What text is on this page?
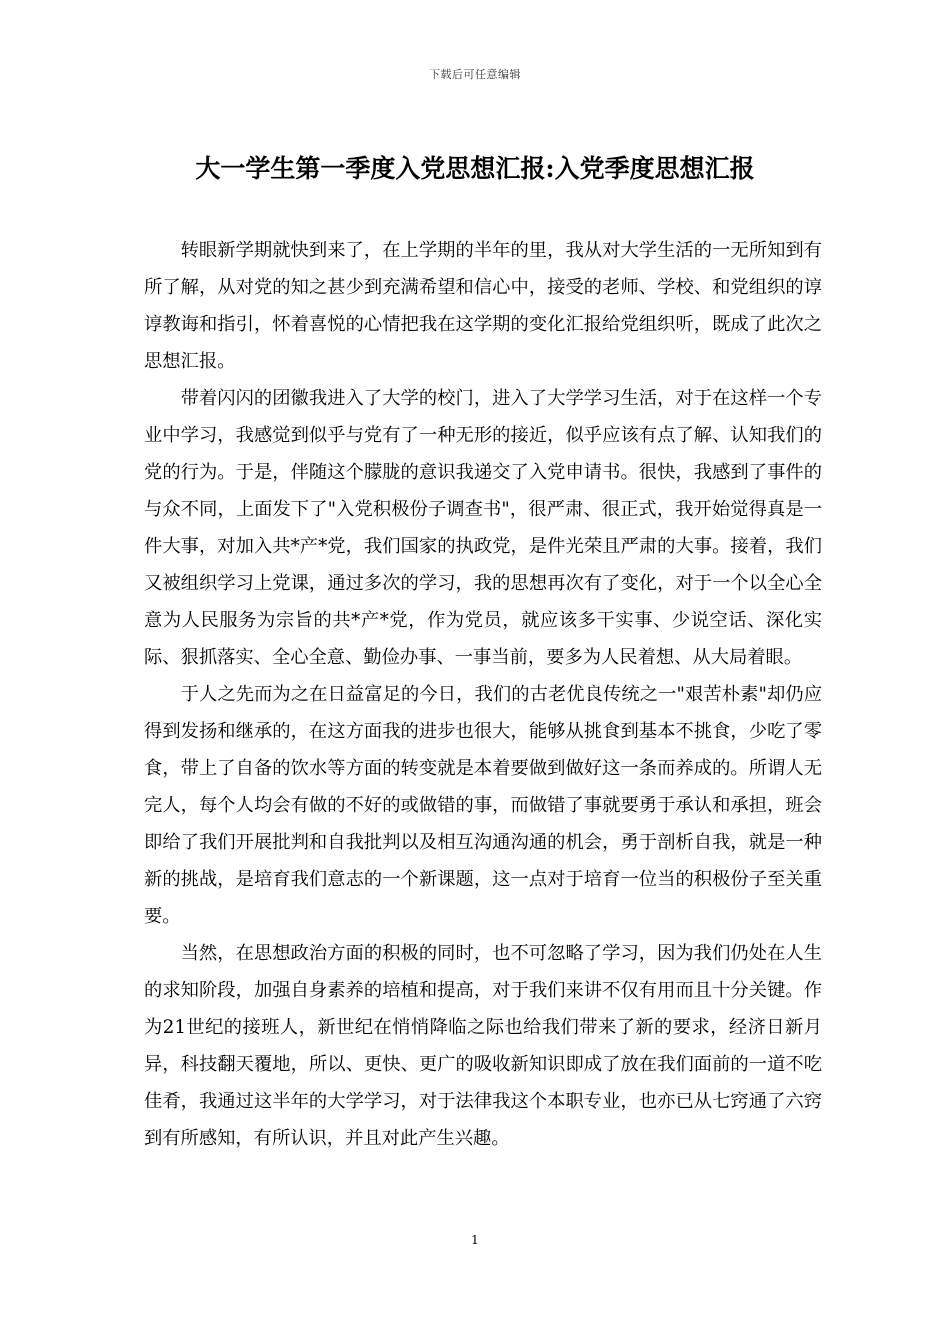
下载后可任意编辑
大一学生第一季度入党思想汇报:入党季度思想汇报

转眼新学期就快到来了，在上学期的半年的里，我从对大学生活的一无所知到有所了解，从对党的知之甚少到充满希望和信心中，接受的老师、学校、和党组织的谆谆教诲和指引，怀着喜悦的心情把我在这学期的变化汇报给党组织听，既成了此次之思想汇报。

带着闪闪的团徽我进入了大学的校门，进入了大学学习生活，对于在这样一个专业中学习，我感觉到似乎与党有了一种无形的接近，似乎应该有点了解、认知我们的党的行为。于是，伴随这个朦胧的意识我递交了入党申请书。很快，我感到了事件的与众不同，上面发下了"入党积极份子调查书"，很严肃、很正式，我开始觉得真是一件大事，对加入共*产*党，我们国家的执政党，是件光荣且严肃的大事。接着，我们又被组织学习上党课，通过多次的学习，我的思想再次有了变化，对于一个以全心全意为人民服务为宗旨的共*产*党，作为党员，就应该多干实事、少说空话、深化实际、狠抓落实、全心全意、勤俭办事、一事当前，要多为人民着想、从大局着眼。

于人之先而为之在日益富足的今日，我们的古老优良传统之一"艰苦朴素"却仍应得到发扬和继承的，在这方面我的进步也很大，能够从挑食到基本不挑食，少吃了零食，带上了自备的饮水等方面的转变就是本着要做到做好这一条而养成的。所谓人无完人，每个人均会有做的不好的或做错的事，而做错了事就要勇于承认和承担，班会即给了我们开展批判和自我批判以及相互沟通沟通的机会，勇于剖析自我，就是一种新的挑战，是培育我们意志的一个新课题，这一点对于培育一位当的积极份子至关重要。

当然，在思想政治方面的积极的同时，也不可忽略了学习，因为我们仍处在人生的求知阶段，加强自身素养的培植和提高，对于我们来讲不仅有用而且十分关键。作为21世纪的接班人，新世纪在悄悄降临之际也给我们带来了新的要求，经济日新月异，科技翻天覆地，所以、更快、更广的吸收新知识即成了放在我们面前的一道不吃佳肴，我通过这半年的大学学习，对于法律我这个本职专业，也亦已从七窍通了六窍到有所感知，有所认识，并且对此产生兴趣。

1
